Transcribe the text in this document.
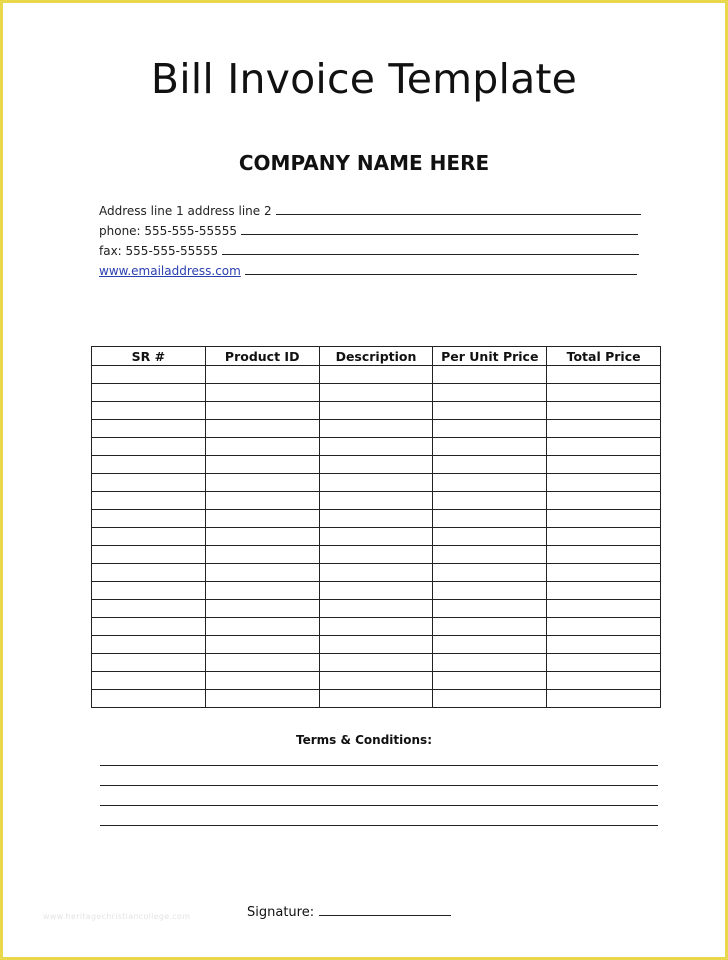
Bill Invoice Template
COMPANY NAME HERE
Address line 1 address line 2
phone: 555-555-55555
fax: 555-555-55555
www.emailaddress.com
SR #	Product ID	Description	Per Unit Price	Total Price

Terms & Conditions:
Signature:
www.heritagechristiancollege.com
